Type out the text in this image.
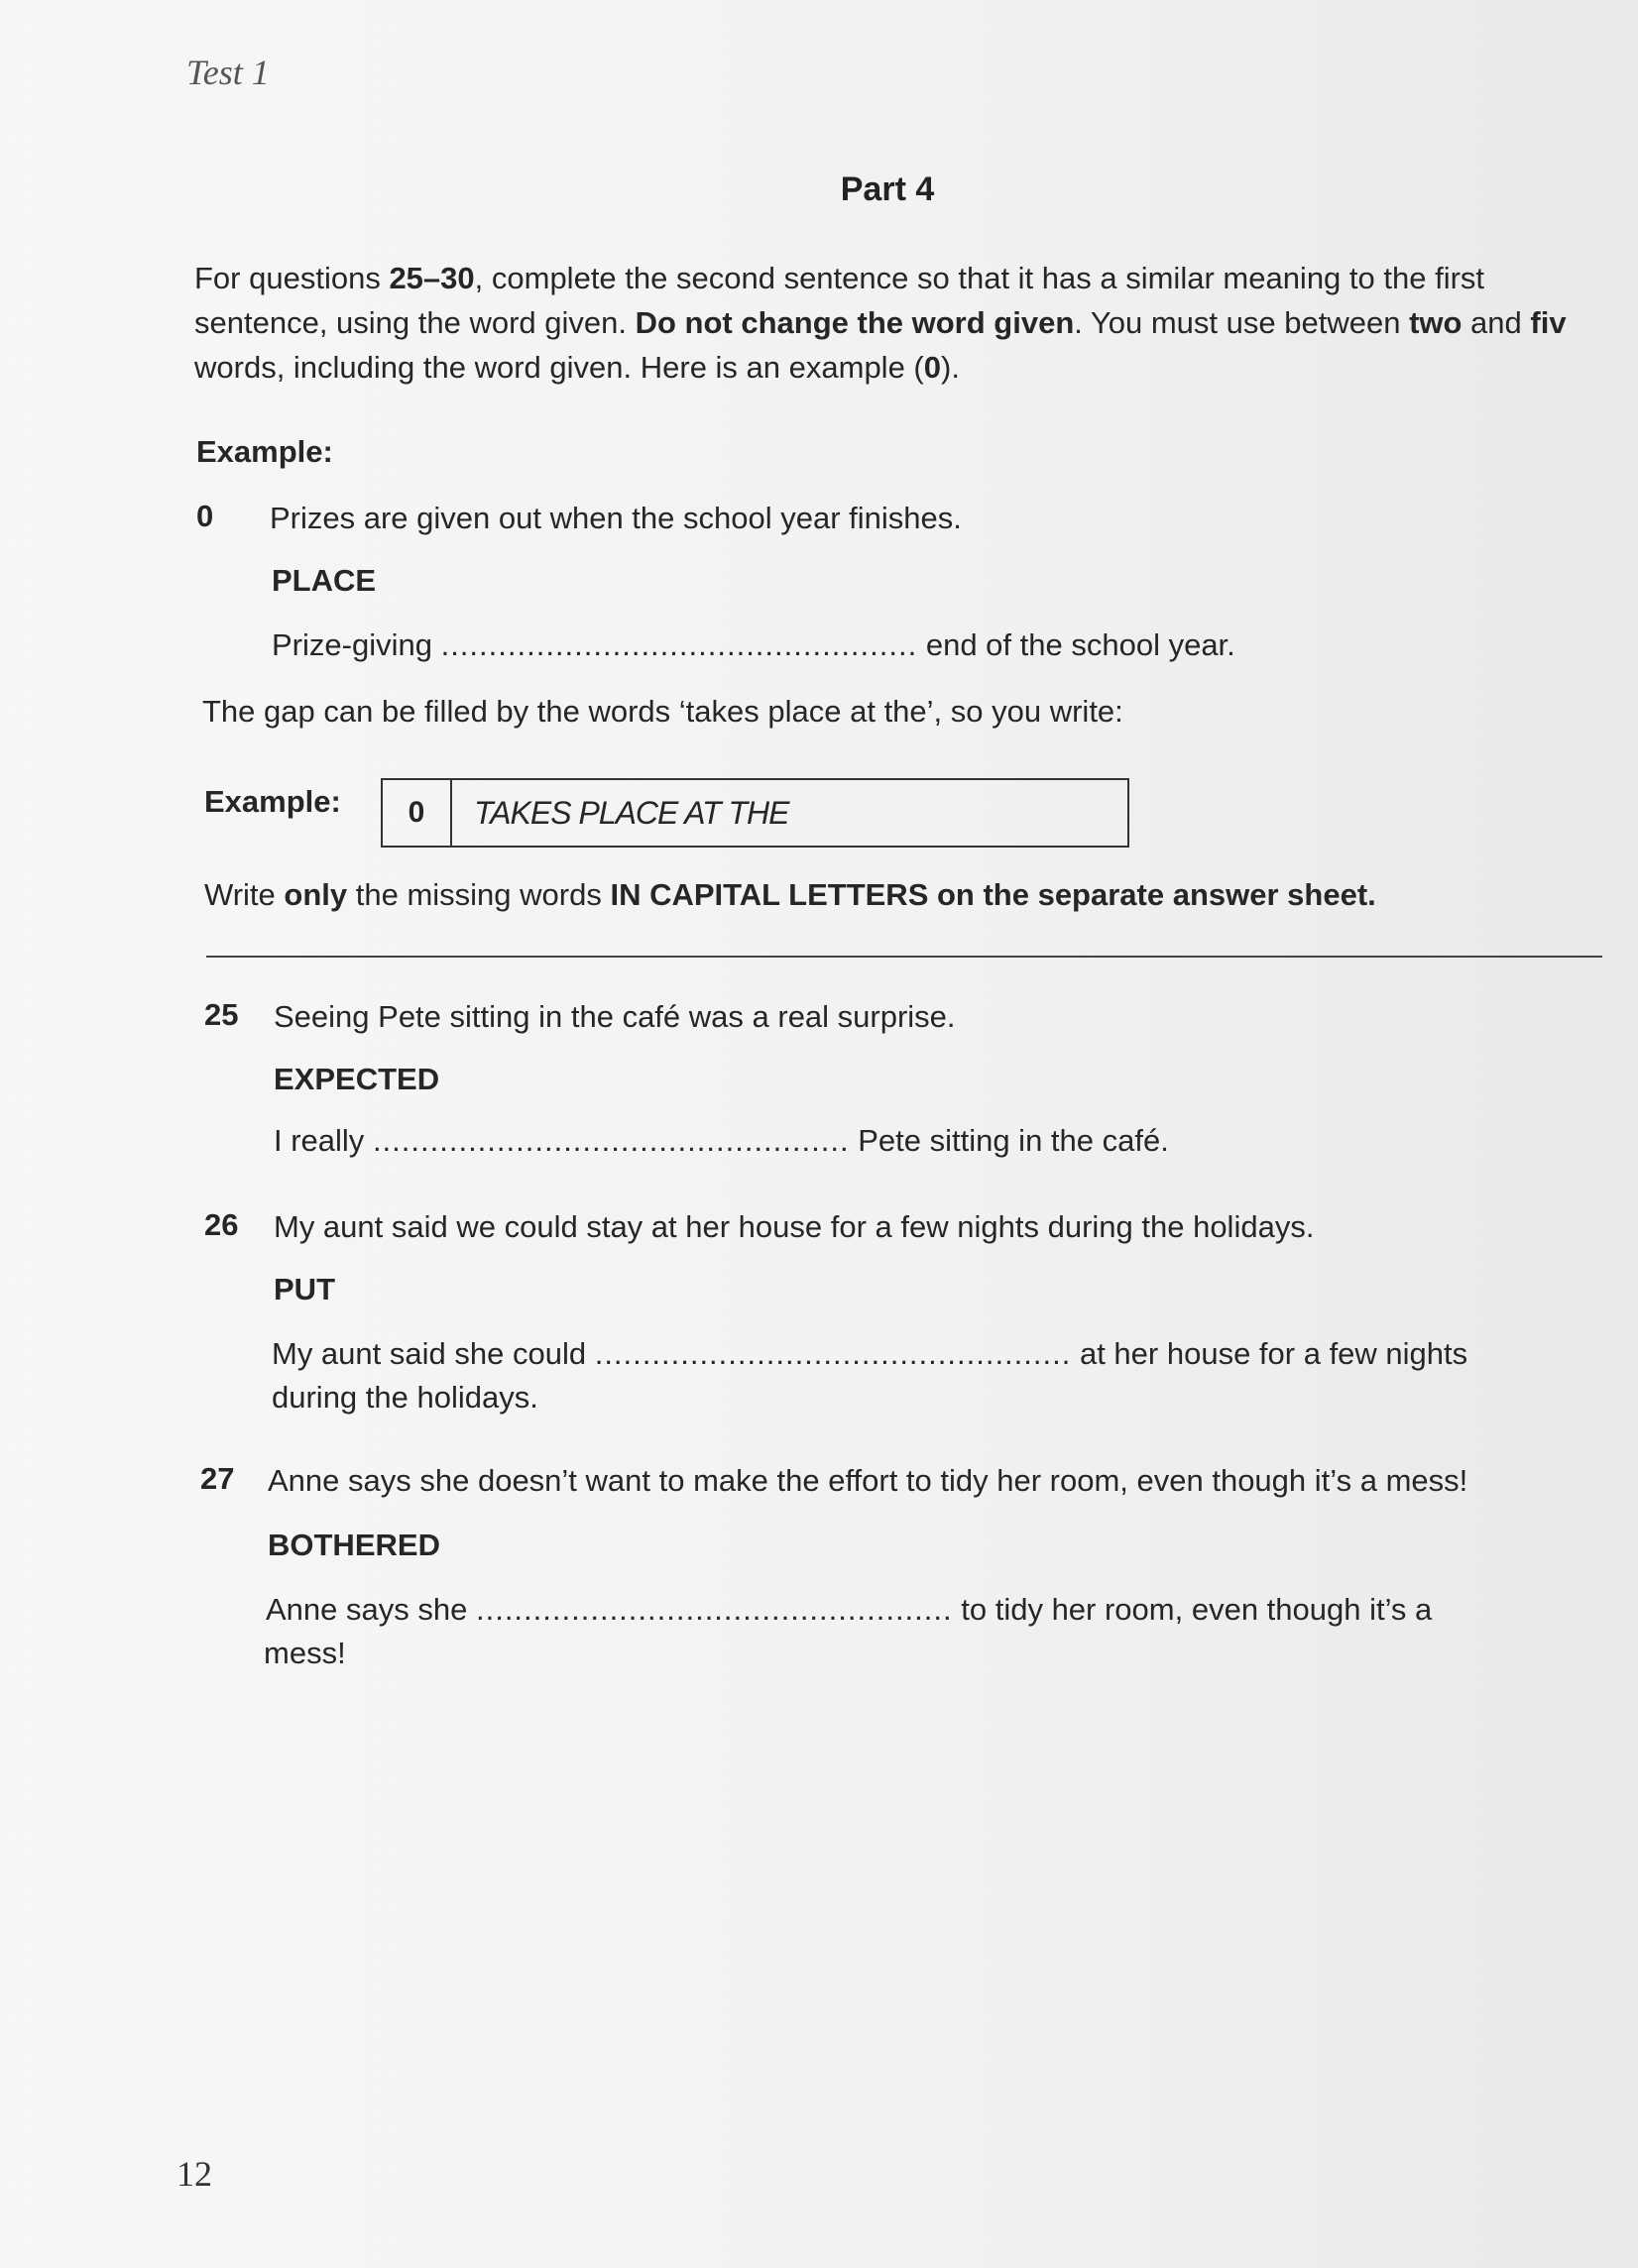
Test 1
Part 4
For questions 25–30, complete the second sentence so that it has a similar meaning to the first sentence, using the word given. Do not change the word given. You must use between two and fiv words, including the word given. Here is an example (0).
Example:
0 Prizes are given out when the school year finishes.
PLACE
Prize-giving .................................................. end of the school year.
The gap can be filled by the words ‘takes place at the’, so you write:
Example:	0	TAKES PLACE AT THE
Write only the missing words IN CAPITAL LETTERS on the separate answer sheet.
25 Seeing Pete sitting in the café was a real surprise.
EXPECTED
I really .................................................. Pete sitting in the café.
26 My aunt said we could stay at her house for a few nights during the holidays.
PUT
My aunt said she could .................................................. at her house for a few nights
during the holidays.
27 Anne says she doesn’t want to make the effort to tidy her room, even though it’s a mess!
BOTHERED
Anne says she .................................................. to tidy her room, even though it’s a
mess!
12
